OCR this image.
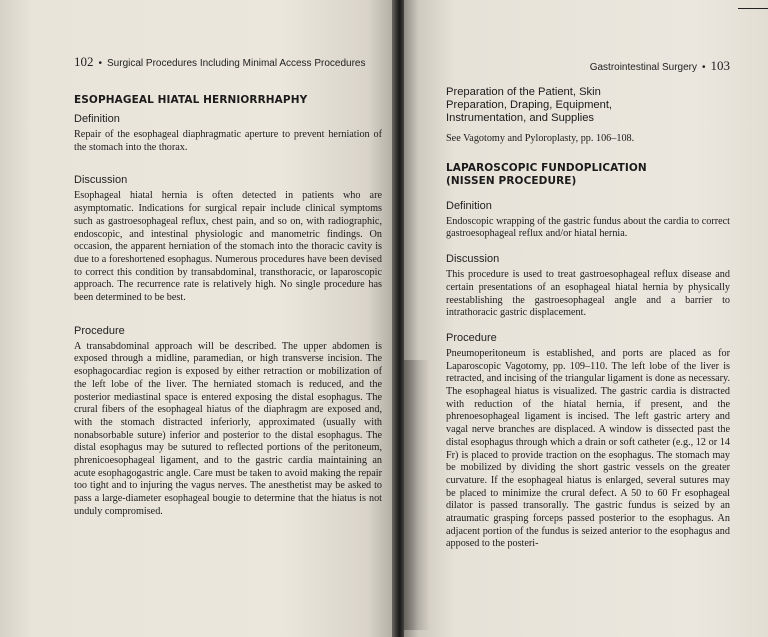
102 • Surgical Procedures Including Minimal Access Procedures
ESOPHAGEAL HIATAL HERNIORRHAPHY
Definition

Repair of the esophageal diaphragmatic aperture to prevent herniation of the stomach into the thorax.

Discussion

Esophageal hiatal hernia is often detected in patients who are asymptomatic. Indications for surgical repair include clinical symptoms such as gastroesophageal reflux, chest pain, and so on, with radiographic, endoscopic, and intestinal physiologic and manometric findings. On occasion, the apparent herniation of the stomach into the thoracic cavity is due to a foreshortened esophagus. Numerous procedures have been devised to correct this condition by transabdominal, transthoracic, or laparoscopic approach. The recurrence rate is relatively high. No single procedure has been determined to be best.

Procedure

A transabdominal approach will be described. The upper abdomen is exposed through a midline, paramedian, or high transverse incision. The esophagocardiac region is exposed by either retraction or mobilization of the left lobe of the liver. The herniated stomach is reduced, and the posterior mediastinal space is entered exposing the distal esophagus. The crural fibers of the esophageal hiatus of the diaphragm are exposed and, with the stomach distracted inferiorly, approximated (usually with nonabsorbable suture) inferior and posterior to the distal esophagus. The distal esophagus may be sutured to reflected portions of the peritoneum, phrenicoesophageal ligament, and to the gastric cardia maintaining an acute esophagogastric angle. Care must be taken to avoid making the repair too tight and to injuring the vagus nerves. The anesthetist may be asked to pass a large-diameter esophageal bougie to determine that the hiatus is not unduly compromised.

Gastrointestinal Surgery • 103
Preparation of the Patient, Skin
Preparation, Draping, Equipment,
Instrumentation, and Supplies

See Vagotomy and Pyloroplasty, pp. 106–108.

LAPAROSCOPIC FUNDOPLICATION
(NISSEN PROCEDURE)
Definition

Endoscopic wrapping of the gastric fundus about the cardia to correct gastroesophageal reflux and/or hiatal hernia.

Discussion

This procedure is used to treat gastroesophageal reflux disease and certain presentations of an esophageal hiatal hernia by physically reestablishing the gastroesophageal angle and a barrier to intrathoracic gastric displacement.

Procedure

Pneumoperitoneum is established, and ports are placed as for Laparoscopic Vagotomy, pp. 109–110. The left lobe of the liver is retracted, and incising of the triangular ligament is done as necessary. The esophageal hiatus is visualized. The gastric cardia is distracted with reduction of the hiatal hernia, if present, and the phrenoesophageal ligament is incised. The left gastric artery and vagal nerve branches are displaced. A window is dissected past the distal esophagus through which a drain or soft catheter (e.g., 12 or 14 Fr) is placed to provide traction on the esophagus. The stomach may be mobilized by dividing the short gastric vessels on the greater curvature. If the esophageal hiatus is enlarged, several sutures may be placed to minimize the crural defect. A 50 to 60 Fr esophageal dilator is passed transorally. The gastric fundus is seized by an atraumatic grasping forceps passed posterior to the esophagus. An adjacent portion of the fundus is seized anterior to the esophagus and apposed to the posteri-
